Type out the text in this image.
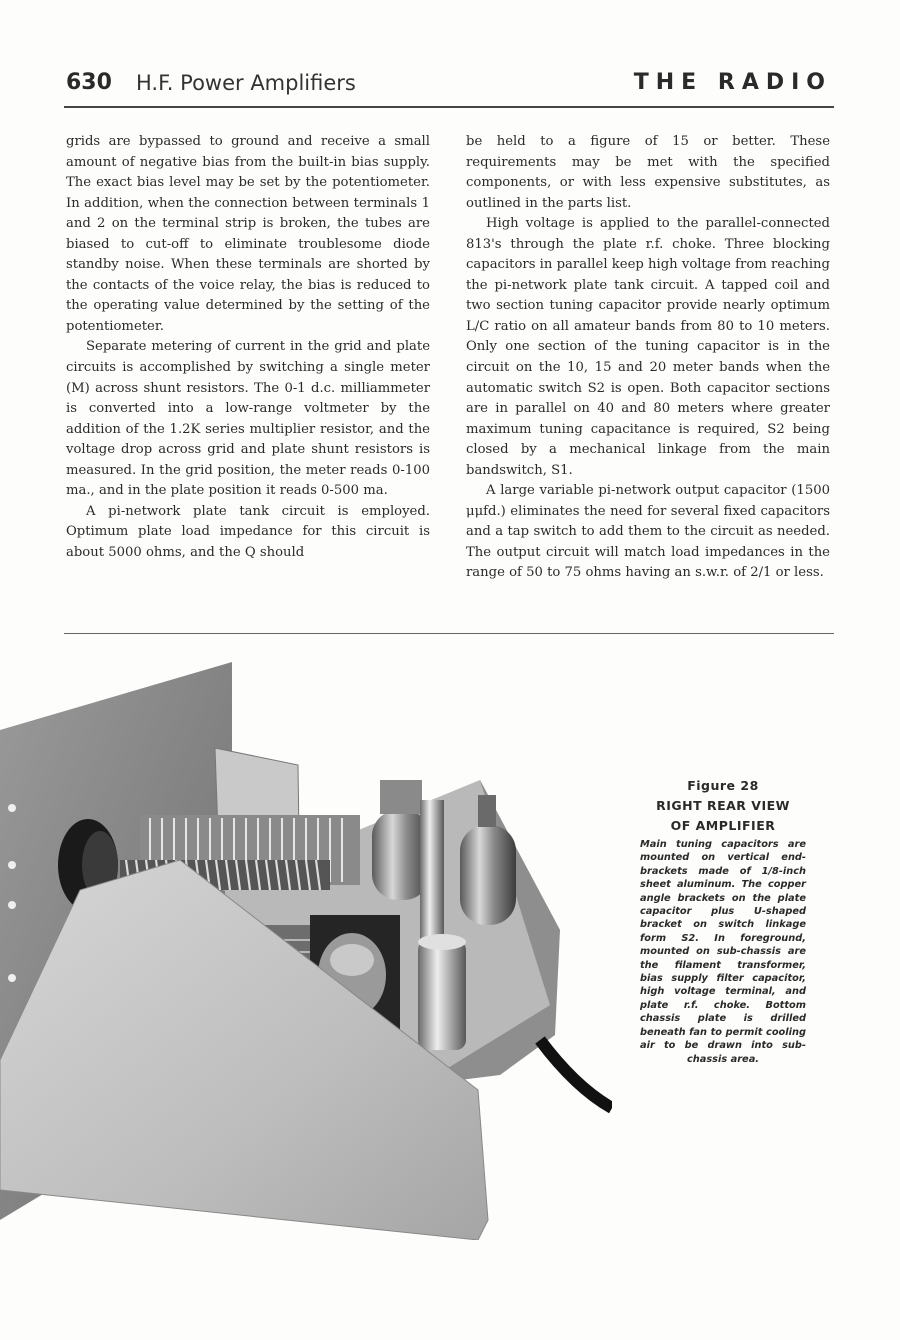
630 H.F. Power Amplifiers	THE RADIO

grids are bypassed to ground and receive a small amount of negative bias from the built-in bias supply. The exact bias level may be set by the potentiometer. In addition, when the connection between terminals 1 and 2 on the terminal strip is broken, the tubes are biased to cut-off to eliminate troublesome diode standby noise. When these terminals are shorted by the contacts of the voice relay, the bias is reduced to the operating value determined by the setting of the potentiometer.

Separate metering of current in the grid and plate circuits is accomplished by switching a single meter (M) across shunt resistors. The 0-1 d.c. milliammeter is converted into a low-range voltmeter by the addition of the 1.2K series multiplier resistor, and the voltage drop across grid and plate shunt resistors is measured. In the grid position, the meter reads 0-100 ma., and in the plate position it reads 0-500 ma.

A pi-network plate tank circuit is employed. Optimum plate load impedance for this circuit is about 5000 ohms, and the Q should

be held to a figure of 15 or better. These requirements may be met with the specified components, or with less expensive substitutes, as outlined in the parts list.

High voltage is applied to the parallel-connected 813's through the plate r.f. choke. Three blocking capacitors in parallel keep high voltage from reaching the pi-network plate tank circuit. A tapped coil and two section tuning capacitor provide nearly optimum L/C ratio on all amateur bands from 80 to 10 meters. Only one section of the tuning capacitor is in the circuit on the 10, 15 and 20 meter bands when the automatic switch S2 is open. Both capacitor sections are in parallel on 40 and 80 meters where greater maximum tuning capacitance is required, S2 being closed by a mechanical linkage from the main bandswitch, S1.

A large variable pi-network output capacitor (1500 μμfd.) eliminates the need for several fixed capacitors and a tap switch to add them to the circuit as needed. The output circuit will match load impedances in the range of 50 to 75 ohms having an s.w.r. of 2/1 or less.

Figure 28
RIGHT REAR VIEW
OF AMPLIFIER
Main tuning capacitors are mounted on vertical end-brackets made of 1/8-inch sheet aluminum. The copper angle brackets on the plate capacitor plus U-shaped bracket on switch linkage form S2. In foreground, mounted on sub-chassis are the filament transformer, bias supply filter capacitor, high voltage terminal, and plate r.f. choke. Bottom chassis plate is drilled beneath fan to permit cooling air to be drawn into sub-chassis area.
